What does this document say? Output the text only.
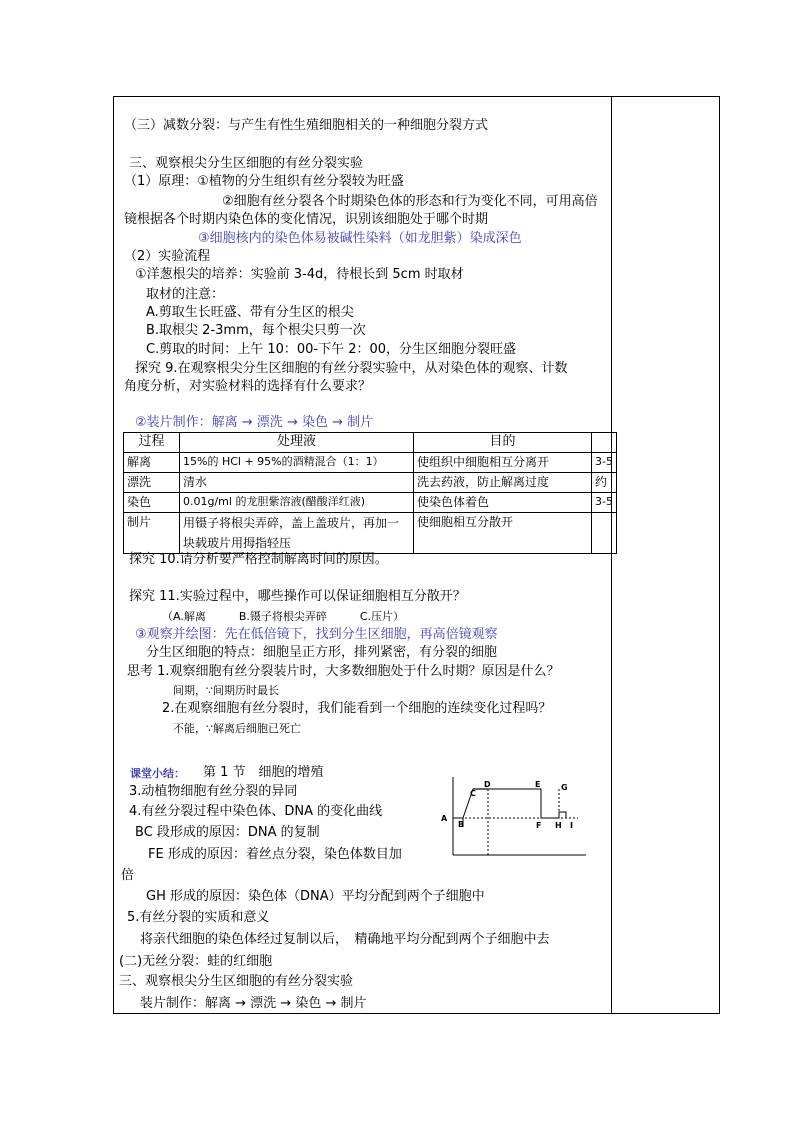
（三）减数分裂：与产生有性生殖细胞相关的一种细胞分裂方式
三、观察根尖分生区细胞的有丝分裂实验
（1）原理：①植物的分生组织有丝分裂较为旺盛
②细胞有丝分裂各个时期染色体的形态和行为变化不同，可用高倍
镜根据各个时期内染色体的变化情况，识别该细胞处于哪个时期
③细胞核内的染色体易被碱性染料（如龙胆紫）染成深色
（2）实验流程
①洋葱根尖的培养：实验前 3-4d，待根长到 5cm 时取材
取材的注意：
A.剪取生长旺盛、带有分生区的根尖
B.取根尖 2-3mm，每个根尖只剪一次
C.剪取的时间：上午 10：00-下午 2：00，分生区细胞分裂旺盛
探究 9.在观察根尖分生区细胞的有丝分裂实验中，从对染色体的观察、计数
角度分析，对实验材料的选择有什么要求？
②装片制作：解离 → 漂洗 → 染色 → 制片
过程	处理液	目的	
解离	15%的 HCl + 95%的酒精混合（1：1）	使组织中细胞相互分离开	3-5
漂洗	清水	洗去药液，防止解离过度	约
染色	0.01g/ml 的龙胆紫溶液(醋酸洋红液)	使染色体着色	3-5
制片	用镊子将根尖弄碎，盖上盖玻片，再加一块载玻片用拇指轻压	使细胞相互分散开	
探究 10.请分析要严格控制解离时间的原因。
探究 11.实验过程中，哪些操作可以保证细胞相互分散开？
（A.解离　　　B.镊子将根尖弄碎　　　C.压片）
③观察并绘图：先在低倍镜下，找到分生区细胞，再高倍镜观察
分生区细胞的特点：细胞呈正方形，排列紧密，有分裂的细胞
思考 1.观察细胞有丝分裂装片时，大多数细胞处于什么时期？原因是什么？
间期，∵间期历时最长
2.在观察细胞有丝分裂时，我们能看到一个细胞的连续变化过程吗？
不能，∵解离后细胞已死亡
课堂小结： 第 1 节　细胞的增殖
3.动植物细胞有丝分裂的异同
4.有丝分裂过程中染色体、DNA 的变化曲线
BC 段形成的原因：DNA 的复制
FE 形成的原因：着丝点分裂，染色体数目加
倍
GH 形成的原因：染色体（DNA）平均分配到两个子细胞中
5.有丝分裂的实质和意义
将亲代细胞的染色体经过复制以后，　精确地平均分配到两个子细胞中去
(二)无丝分裂：蛙的红细胞
三、观察根尖分生区细胞的有丝分裂实验
装片制作：解离 → 漂洗 → 染色 → 制片
A
B
C
D	E
F
G
H I
